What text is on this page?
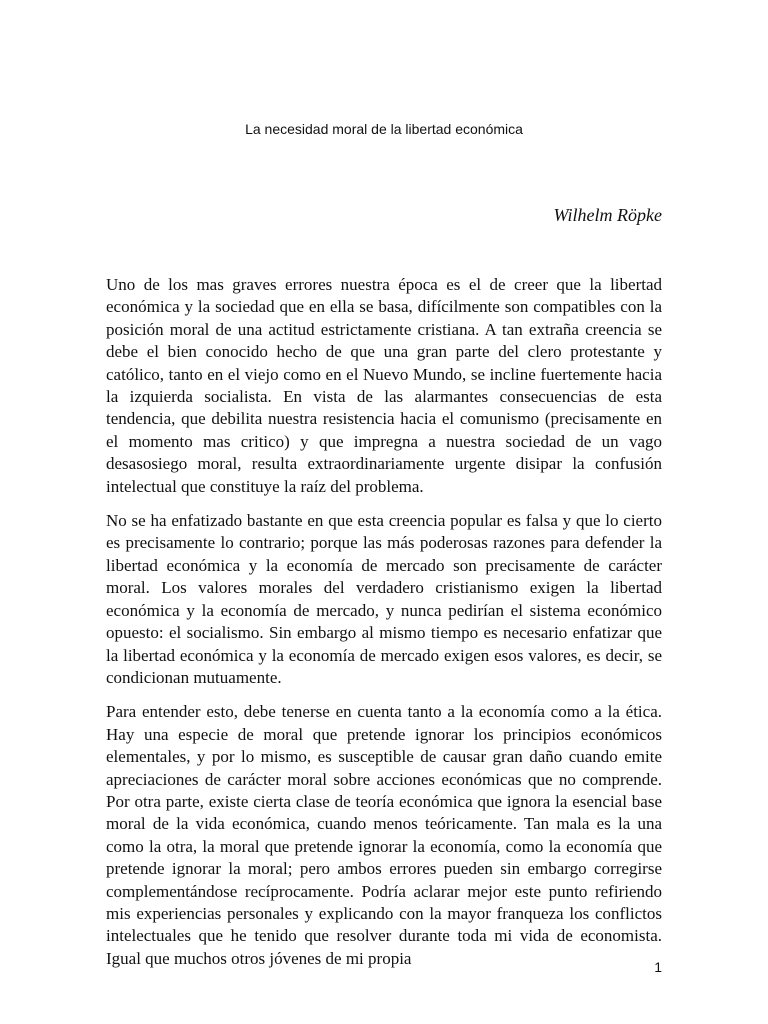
La necesidad moral de la libertad económica
Wilhelm Röpke

Uno de los mas graves errores nuestra época es el de creer que la libertad económica y la sociedad que en ella se basa, difícilmente son compatibles con la posición moral de una actitud estrictamente cristiana. A tan extraña creencia se debe el bien conocido hecho de que una gran parte del clero protestante y católico, tanto en el viejo como en el Nuevo Mundo, se incline fuertemente hacia la izquierda socialista. En vista de las alarmantes consecuencias de esta tendencia, que debilita nuestra resistencia hacia el comunismo (precisamente en el momento mas critico) y que impregna a nuestra sociedad de un vago desasosiego moral, resulta extraordinariamente urgente disipar la confusión intelectual que constituye la raíz del problema.

No se ha enfatizado bastante en que esta creencia popular es falsa y que lo cierto es precisamente lo contrario; porque las más poderosas razones para defender la libertad económica y la economía de mercado son precisamente de carácter moral. Los valores morales del verdadero cristianismo exigen la libertad económica y la economía de mercado, y nunca pedirían el sistema económico opuesto: el socialismo. Sin embargo al mismo tiempo es necesario enfatizar que la libertad económica y la economía de mercado exigen esos valores, es decir, se condicionan mutuamente.

Para entender esto, debe tenerse en cuenta tanto a la economía como a la ética. Hay una especie de moral que pretende ignorar los principios económicos elementales, y por lo mismo, es susceptible de causar gran daño cuando emite apreciaciones de carácter moral sobre acciones económicas que no comprende. Por otra parte, existe cierta clase de teoría económica que ignora la esencial base moral de la vida económica, cuando menos teóricamente. Tan mala es la una como la otra, la moral que pretende ignorar la economía, como la economía que pretende ignorar la moral; pero ambos errores pueden sin embargo corregirse complementándose recíprocamente. Podría aclarar mejor este punto refiriendo mis experiencias personales y explicando con la mayor franqueza los conflictos intelectuales que he tenido que resolver durante toda mi vida de economista. Igual que muchos otros jóvenes de mi propia	1
